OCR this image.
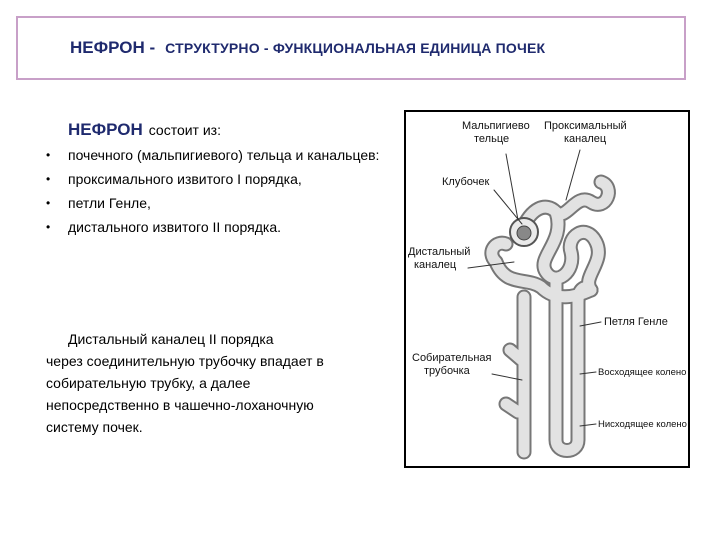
НЕФРОН - СТРУКТУРНО - ФУНКЦИОНАЛЬНАЯ ЕДИНИЦА ПОЧЕК
НЕФРОН состоит из:
• почечного (мальпигиевого) тельца и канальцев:
• проксимального извитого I порядка,
• петли Генле,
• дистального извитого II порядка.
Дистальный каналец II порядка
через соединительную трубочку впадает в собирательную трубку, а далее непосредственно в чашечно-лоханочную систему почек.
Мальпигиево
тельце
Проксимальный
каналец
Клубочек
Дистальный
каналец
Петля Генле
Собирательная
трубочка	Восходящее колено
Нисходящее колено
